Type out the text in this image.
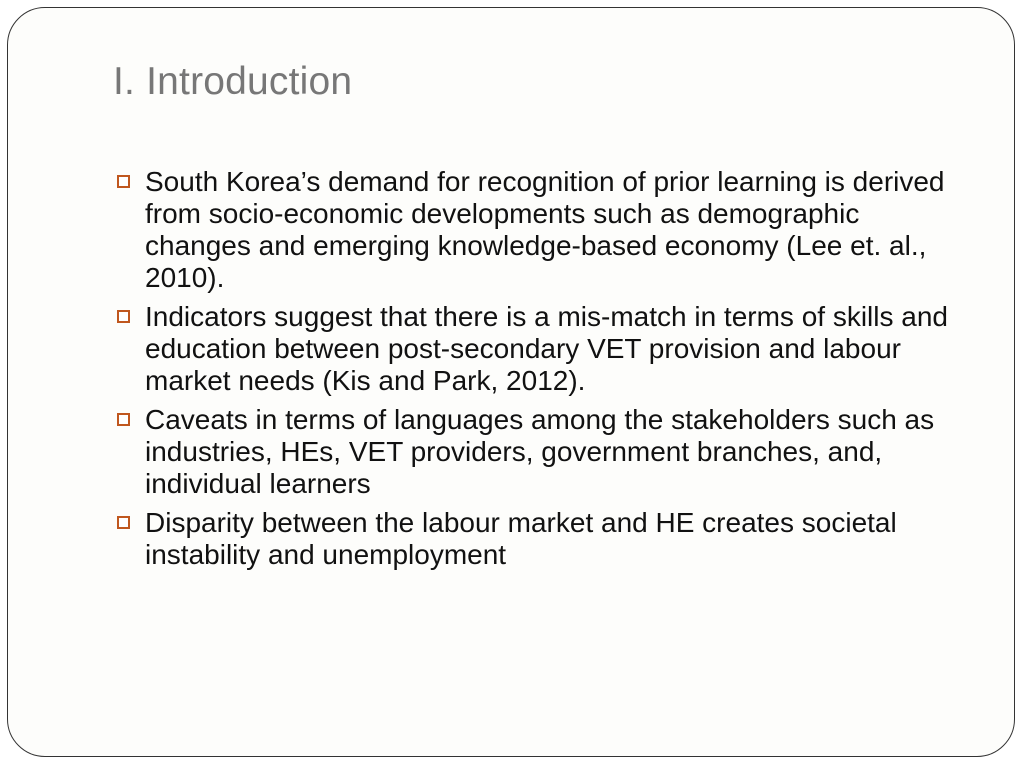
I. Introduction
South Korea’s demand for recognition of prior learning is derived from socio-economic developments such as demographic changes and emerging knowledge-based economy (Lee et. al., 2010).
Indicators suggest that there is a mis-match in terms of skills and education between post-secondary VET provision and labour market needs (Kis and Park, 2012).
Caveats in terms of languages among the stakeholders such as industries, HEs, VET providers, government branches, and, individual learners
Disparity between the labour market and HE creates societal instability and unemployment
